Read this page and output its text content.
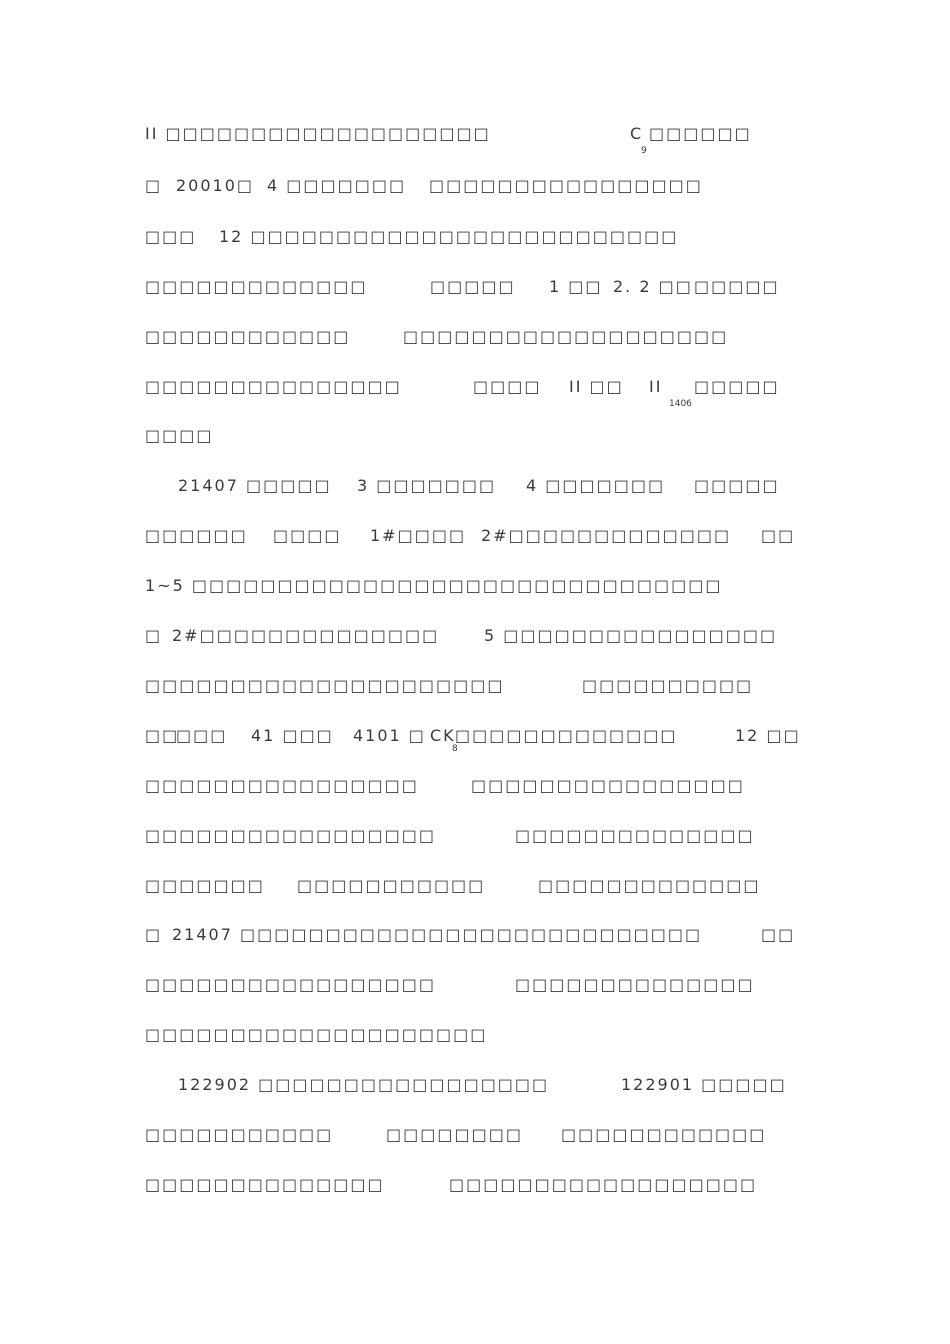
II □□□□□□□□□□□□□□□□□□□	C
9
□□□□□□
□ 20010□ 4 □□□□□□□ □□□□□□□□□□□□□□□□
□□□ 12 □□□□□□□□□□□□□□□□□□□□□□□□□
□□□□□□□□□□□□□	□□□□□ 1 □□ 2. 2 □□ □□□□□
□□□□□□□□□□□□	□□□□□□□□□□□□□□□□□□□
□□□□□□□□□□□□□□□	□□□□ II □□ II
1406
□□□□□
□□□□
21407 □□□□□ 3 □□□□□□□ 4 □□□□□□□ □□□□□
□□□□□□ □□□□ 1#□□□□ 2#□□□□□□□□□□□□□ □□
1~5 □□□□□□□□□□□□□□□□□□□□□□□□□□□□□□□
□ 2#□□□□□□□□□□□□□□	5 □□□□□□□□□□□□□□□□
□□□□□□□□□□□□□□□□□□□□□	□□□□□□□□□□
□□
□□□ 41 □□□ 4101 □ CK
8
□□□□□□□□□□□□□	12 □□
□□□□□□□□□□□□□□□□	□□□□□□□□□□□□□□□□
□□□□□□□□□□□□□□□□□	□□□□□□□□□□□□□□
□□□□□□□ □□□□□□□□□□□	□□□□□□□□□□□□□
□ 21407 □□□□□□□□□□□□□□□□□□□□□□□□□□□	□□
□□□□□□□□□□□□□□□□□	□□□□□□□□□□□□□□
□□□□□□□□□□□□□□□□□□□□
122902 □□□□□□□□□□□□□□□□□	122901 □□□□□
□□□□□□□□□□□	□□□□□□□□ □□□□□□□□□□□□
□□□□□□□□□□□□□□	□□□□□□□□□□□□□□□□□□
